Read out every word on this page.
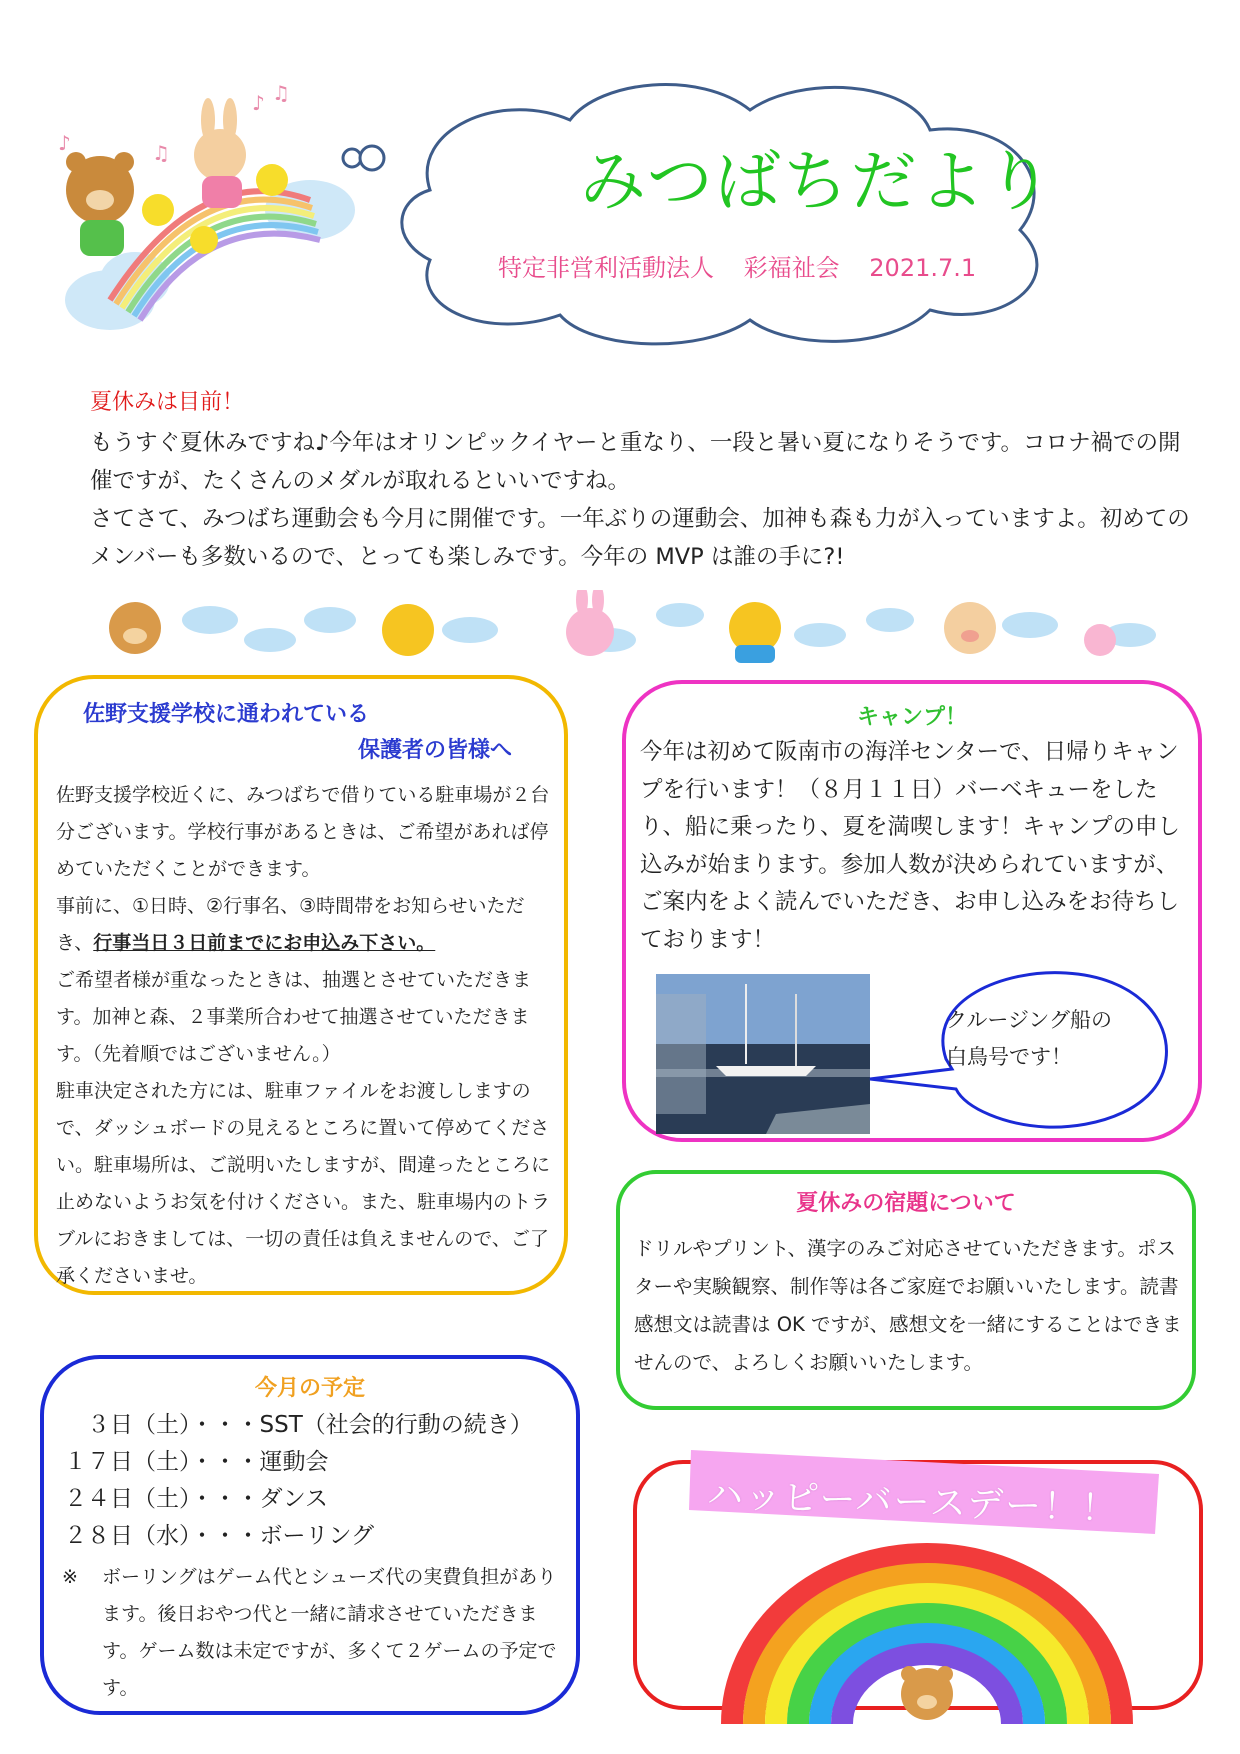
♪	♫
♪ ♫
みつばちだより
特定非営利活動法人 彩福祉会 2021.7.1
夏休みは目前！

もうすぐ夏休みですね♪今年はオリンピックイヤーと重なり、一段と暑い夏になりそうです。コロナ禍での開催ですが、たくさんのメダルが取れるといいですね。

さてさて、みつばち運動会も今月に開催です。一年ぶりの運動会、加神も森も力が入っていますよ。初めてのメンバーも多数いるので、とっても楽しみです。今年の MVP は誰の手に?!

佐野支援学校に通われている
保護者の皆様へ

佐野支援学校近くに、みつばちで借りている駐車場が２台分ございます。学校行事があるときは、ご希望があれば停めていただくことができます。

事前に、①日時、②行事名、③時間帯をお知らせいただき、行事当日３日前までにお申込み下さい。

ご希望者様が重なったときは、抽選とさせていただきます。加神と森、２事業所合わせて抽選させていただきます。（先着順ではございません。）

駐車決定された方には、駐車ファイルをお渡ししますので、ダッシュボードの見えるところに置いて停めてください。駐車場所は、ご説明いたしますが、間違ったところに止めないようお気を付けください。また、駐車場内のトラブルにおきましては、一切の責任は負えませんので、ご了承くださいませ。

キャンプ！
今年は初めて阪南市の海洋センターで、日帰りキャンプを行います！（８月１１日）バーベキューをしたり、船に乗ったり、夏を満喫します！キャンプの申し込みが始まります。参加人数が決められていますが、ご案内をよく読んでいただき、お申し込みをお待ちしております！
クルージング船の
白鳥号です！
夏休みの宿題について
ドリルやプリント、漢字のみご対応させていただきます。ポスターや実験観察、制作等は各ご家庭でお願いいたします。読書感想文は読書は OK ですが、感想文を一緒にすることはできませんので、よろしくお願いいたします。
今月の予定
　３日（土）・・・SST（社会的行動の続き）
１７日（土）・・・運動会
２４日（土）・・・ダンス
２８日（水）・・・ボーリング
※ ボーリングはゲーム代とシューズ代の実費負担があります。後日おやつ代と一緒に請求させていただきます。ゲーム数は未定ですが、多くて２ゲームの予定です。
ハッピーバースデー！！
